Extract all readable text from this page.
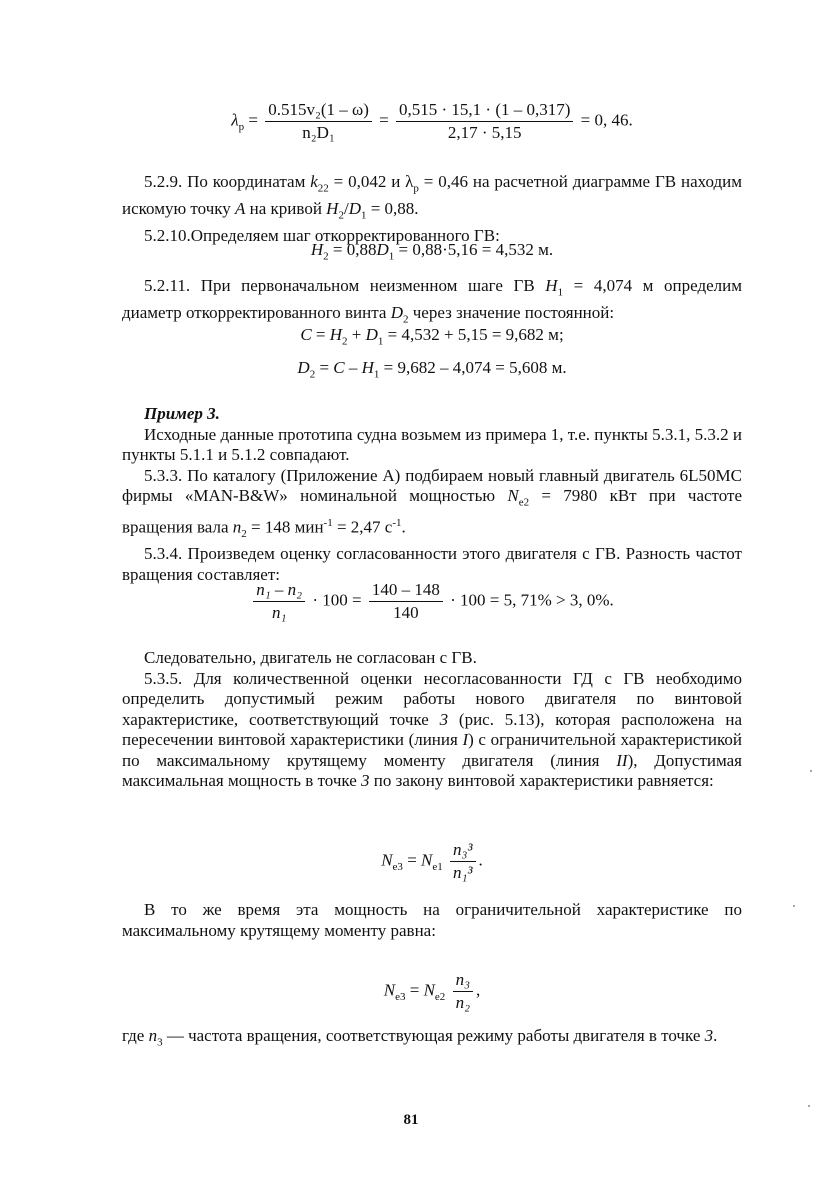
$\lambda_р = \frac{\text{0.515v₂(1 – ω)}}{\text{n₂D₁}} = \frac{0,515 \cdot 15,1 \cdot (1 - 0,317)}{2,17 \cdot 5,15} = 0$, 46.

5.2.9. По координатам $k_{22} = 0,042$ и $\lambda_р = 0,46$ на расчетной диаграмме ГВ находим искомую точку A на кривой $H_2/D_1 = 0,88$.

5.2.10.Определяем шаг откорректированного ГВ:

$H_2 = 0,88D_1 = 0,88\cdot 5,16 = 4,532$ м.

5.2.11. При первоначальном неизменном шаге ГВ $H_1 = 4,074$ м определим диаметр откорректированного винта $D_2$ через значение постоянной:

$C = H_2 + D_1 = 4,532 + 5,15 = 9,682$ м;
$D_2 = C - H_1 = 9,682 - 4,074 = 5,608$ м.

Пример 3.

Исходные данные прототипа судна возьмем из примера 1, т.е. пункты 5.3.1, 5.3.2 и пункты 5.1.1 и 5.1.2 совпадают.

5.3.3. По каталогу (Приложение А) подбираем новый главный двигатель 6L50MC фирмы «MAN-B&W» номинальной мощностью $N_{e2} = 7980$ кВт при частоте вращения вала $n_2 = 148$ мин$^{-1}$ = 2,47 $с^{-1}$.

5.3.4. Произведем оценку согласованности этого двигателя с ГВ. Разность частот вращения составляет:

$\frac{\text{n₁ – n₂}}{\text{n₁}} \cdot 100 = \frac{140 - 148}{140} \cdot 100 = 5$, 71% > 3, 0%.

Следовательно, двигатель не согласован с ГВ.

5.3.5. Для количественной оценки несогласованности ГД с ГВ необходимо определить допустимый режим работы нового двигателя по винтовой характеристике, соответствующий точке 3 (рис. 5.13), которая расположена на пересечении винтовой характеристики (линия I) с ограничительной характеристикой по максимальному крутящему моменту двигателя (линия II), Допустимая максимальная мощность в точке 3 по закону винтовой характеристики равняется:

$N_{e3} = N_{e1} \frac{\text{n₃³}}{\text{n₁³}}$ .

В то же время эта мощность на ограничительной характеристике по максимальному крутящему моменту равна:

$N_{e3} = N_{e2} \frac{\text{n₃}}{\text{n₂}}$ ,

где $n_3$ — частота вращения, соответствующая режиму работы двигателя в точке 3.

81
